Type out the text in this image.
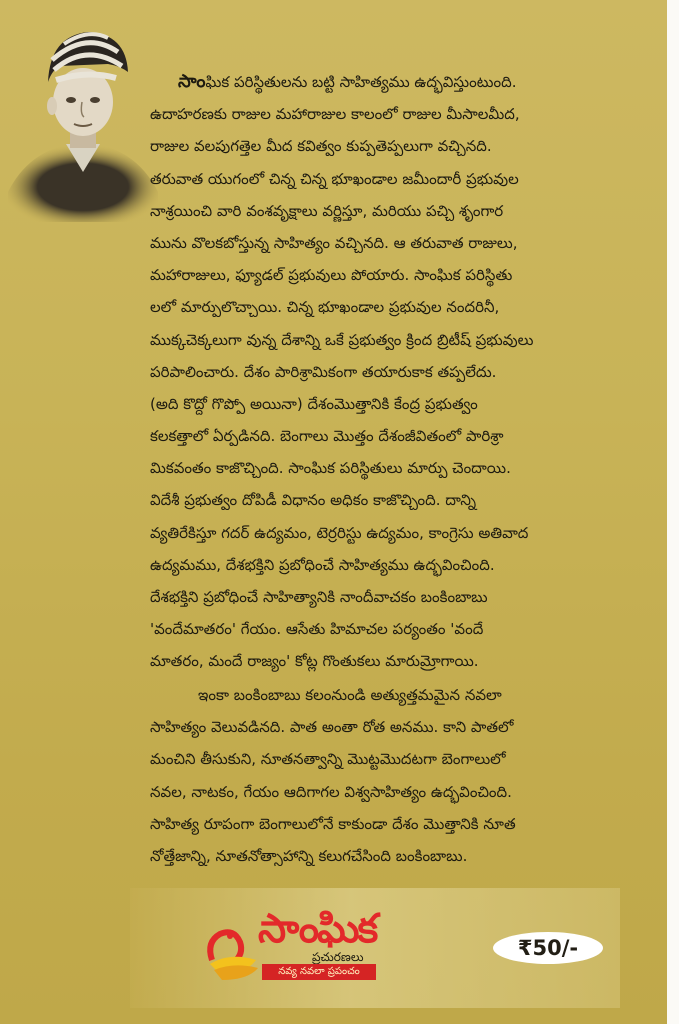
సాంఘిక పరిస్థితులను బట్టి సాహిత్యము ఉద్భవిస్తుంటుంది.

ఉదాహరణకు రాజుల మహారాజుల కాలంలో రాజుల మీసాలమీద,

రాజుల వలపుగత్తెల మీద కవిత్వం కుప్పతెప్పలుగా వచ్చినది.

తరువాత యుగంలో చిన్న చిన్న భూఖండాల జమీందారీ ప్రభువుల

నాశ్రయించి వారి వంశవృక్షాలు వర్ణిస్తూ, మరియు పచ్చి శృంగార

మును వొలకబోస్తున్న సాహిత్యం వచ్చినది. ఆ తరువాత రాజులు,

మహారాజులు, ఫ్యూడల్ ప్రభువులు పోయారు. సాంఘిక పరిస్థితు

లలో మార్పులొచ్చాయి. చిన్న భూఖండాల ప్రభువుల నందరినీ,

ముక్కచెక్కలుగా వున్న దేశాన్ని ఒకే ప్రభుత్వం క్రింద బ్రిటీష్ ప్రభువులు

పరిపాలించారు. దేశం పారిశ్రామికంగా తయారుకాక తప్పలేదు.

(అది కొద్దో గొప్పో అయినా) దేశంమొత్తానికి కేంద్ర ప్రభుత్వం

కలకత్తాలో ఏర్పడినది. బెంగాలు మొత్తం దేశంజీవితంలో పారిశ్రా

మికవంతం కాజొచ్చింది. సాంఘిక పరిస్థితులు మార్పు చెందాయి.

విదేశీ ప్రభుత్వం దోపిడీ విధానం అధికం కాజొచ్చింది. దాన్ని

వ్యతిరేకిస్తూ గదర్ ఉద్యమం, టెర్రరిస్టు ఉద్యమం, కాంగ్రెసు అతివాద

ఉద్యమము, దేశభక్తిని ప్రబోధించే సాహిత్యము ఉద్భవించింది.

దేశభక్తిని ప్రబోధించే సాహిత్యానికి నాందీవాచకం బంకింబాబు

'వందేమాతరం' గేయం. ఆసేతు హిమాచల పర్యంతం 'వందే

మాతరం, మందే రాజ్యం' కోట్ల గొంతుకలు మారుమ్రోగాయి.

ఇంకా బంకింబాబు కలంనుండి అత్యుత్తమమైన నవలా

సాహిత్యం వెలువడినది. పాత అంతా రోత అనము. కాని పాతలో

మంచిని తీసుకుని, నూతనత్వాన్ని మొట్టమొదటగా బెంగాలులో

నవల, నాటకం, గేయం ఆదిగాగల విశ్వసాహిత్యం ఉద్భవించింది.

సాహిత్య రూపంగా బెంగాలులోనే కాకుండా దేశం మొత్తానికి నూత

నోత్తేజాన్ని, నూతనోత్సాహాన్ని కలుగచేసింది బంకింబాబు.

సాంఘిక
ప్రచురణలు
నవ్య నవలా ప్రపంచం
₹50/-
